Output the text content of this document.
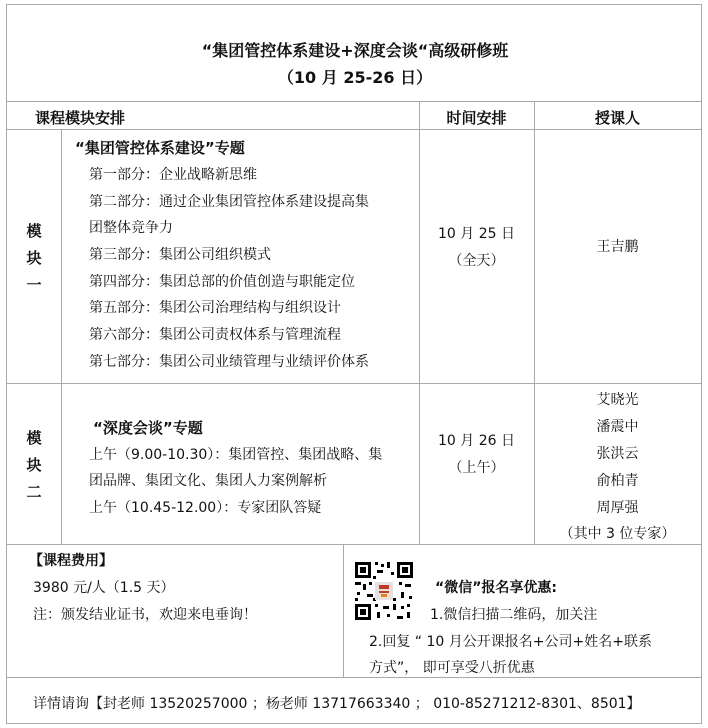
“集团管控体系建设+深度会谈“高级研修班
（10 月 25-26 日）
课程模块安排	时间安排	授课人
模
块
一
“集团管控体系建设”专题
第一部分：企业战略新思维
第二部分：通过企业集团管控体系建设提高集
团整体竞争力
第三部分：集团公司组织模式
第四部分：集团总部的价值创造与职能定位
第五部分：集团公司治理结构与组织设计
第六部分：集团公司责权体系与管理流程
第七部分：集团公司业绩管理与业绩评价体系
10 月 25 日
（全天）
王吉鹏
模
块
二
“深度会谈”专题
上午（9.00-10.30）：集团管控、集团战略、集
团品牌、集团文化、集团人力案例解析
上午（10.45-12.00）：专家团队答疑
10 月 26 日
（上午）
艾晓光
潘震中
张洪云
俞柏青
周厚强
（其中 3 位专家）
【课程费用】
3980 元/人（1.5 天）
注：颁发结业证书，欢迎来电垂询！
“微信”报名享优惠:
1.微信扫描二维码，加关注
2.回复 “ 10 月公开课报名+公司+姓名+联系
方式”， 即可享受八折优惠
详情请询【封老师 13520257000 ；杨老师 13717663340 ； 010-85271212-8301、8501】
